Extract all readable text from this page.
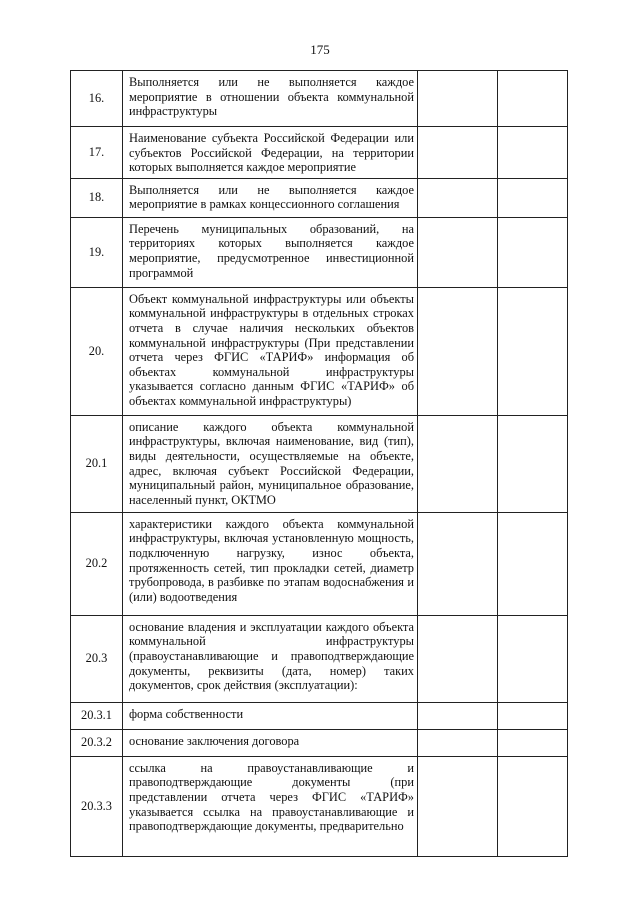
175
16.	Выполняется или не выполняется каждое мероприятие в отношении объекта коммунальной инфраструктуры		
17.	Наименование субъекта Российской Федерации или субъектов Российской Федерации, на территории которых выполняется каждое мероприятие		
18.	Выполняется или не выполняется каждое мероприятие в рамках концессионного соглашения		
19.	Перечень муниципальных образований, на территориях которых выполняется каждое мероприятие, предусмотренное инвестиционной программой		
20.	Объект коммунальной инфраструктуры или объекты коммунальной инфраструктуры в отдельных строках отчета в случае наличия нескольких объектов коммунальной инфраструктуры (При представлении отчета через ФГИС «ТАРИФ» информация об объектах коммунальной инфраструктуры указывается согласно данным ФГИС «ТАРИФ» об объектах коммунальной инфраструктуры)		
20.1	описание каждого объекта коммунальной инфраструктуры, включая наименование, вид (тип), виды деятельности, осуществляемые на объекте, адрес, включая субъект Российской Федерации, муниципальный район, муниципальное образование, населенный пункт, ОКТМО		
20.2	характеристики каждого объекта коммунальной инфраструктуры, включая установленную мощность, подключенную нагрузку, износ объекта, протяженность сетей, тип прокладки сетей, диаметр трубопровода, в разбивке по этапам водоснабжения и (или) водоотведения		
20.3	основание владения и эксплуатации каждого объекта коммунальной инфраструктуры (правоустанавливающие и правоподтверждающие документы, реквизиты (дата, номер) таких документов, срок действия (эксплуатации):		
20.3.1	форма собственности		
20.3.2	основание заключения договора		
20.3.3	ссылка на правоустанавливающие и правоподтверждающие документы (при представлении отчета через ФГИС «ТАРИФ» указывается ссылка на правоустанавливающие и правоподтверждающие документы, предварительно		
